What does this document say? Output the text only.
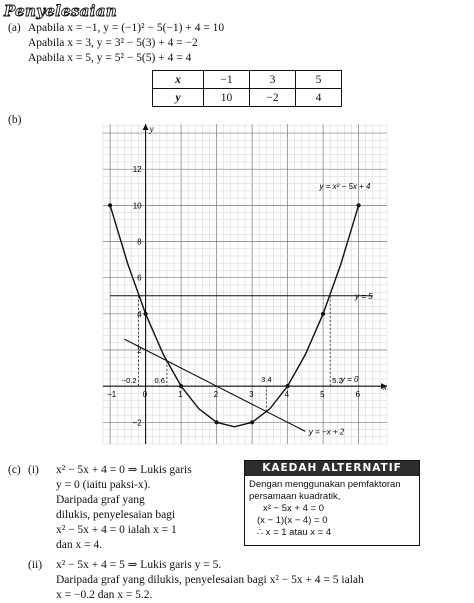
Penyelesaian
(a) Apabila x = −1, y = (−1)² − 5(−1) + 4 = 10
Apabila x = 3, y = 3² − 5(3) + 4 = −2
Apabila x = 5, y = 5² − 5(5) + 4 = 4
x	−1	3	5
y	10	−2	4
(b)
x
y
−1	0	1	2	3	4	5	6
−2
2
4
6
8
10
12
−0.2 0.6	3.4	5.2
y = x² − 5x + 4
y = 5
y = 0
y = −x + 2
(c) (i) x² − 5x + 4 = 0 ⇒ Lukis garis
y = 0 (iaitu paksi-x).
Daripada graf yang
dilukis, penyelesaian bagi
x² − 5x + 4 = 0 ialah x = 1
dan x = 4.
KAEDAH ALTERNATIF
Dengan menggunakan pemfaktoran
persamaan kuadratik,
x² − 5x + 4 = 0
(x − 1)(x − 4) = 0
∴ x = 1 atau x = 4
(ii) x² − 5x + 4 = 5 ⇒ Lukis garis y = 5.
Daripada graf yang dilukis, penyelesaian bagi x² − 5x + 4 = 5 ialah
x = −0.2 dan x = 5.2.
